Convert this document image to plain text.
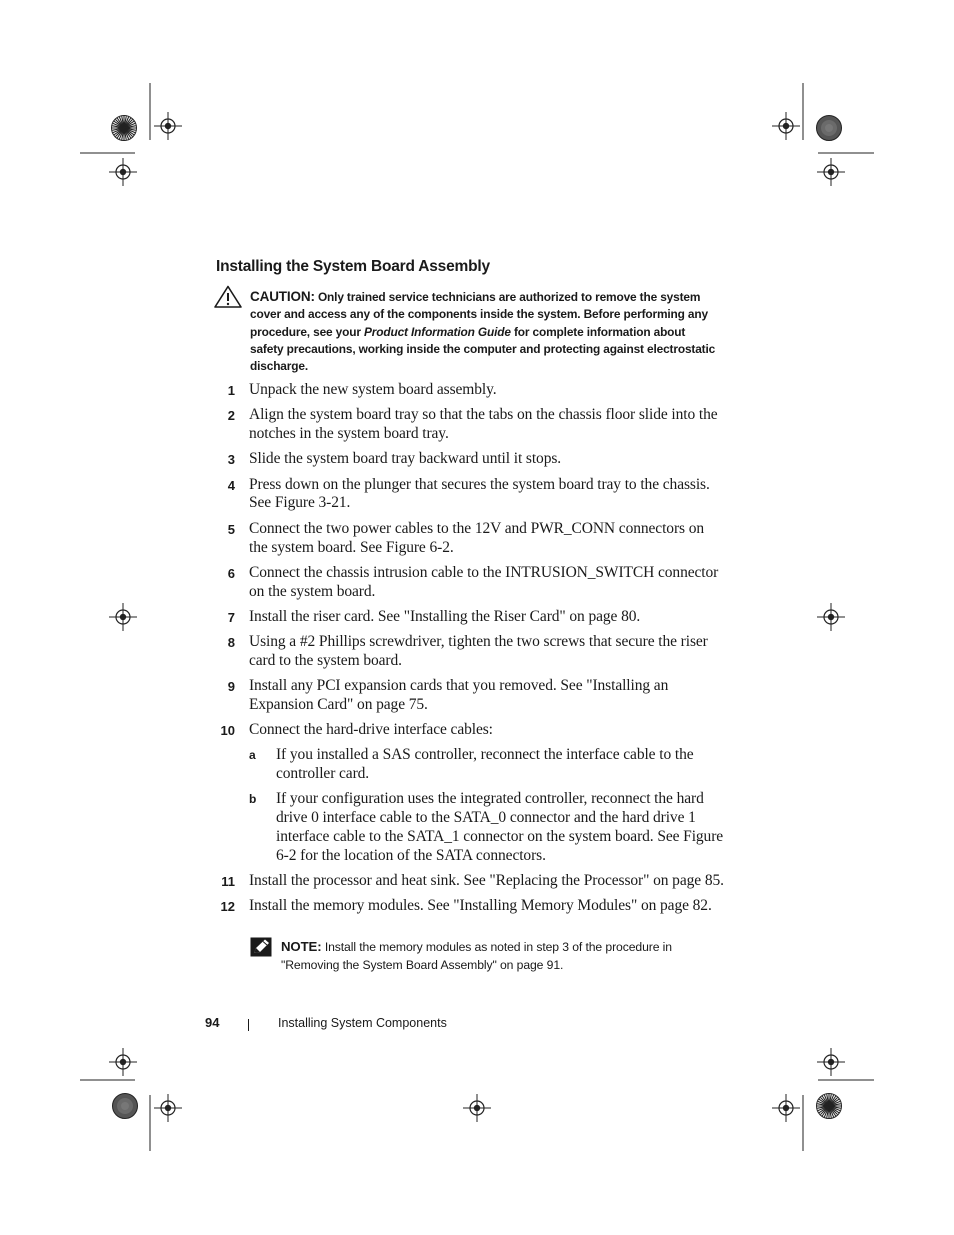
Installing the System Board Assembly
CAUTION: Only trained service technicians are authorized to remove the system cover and access any of the components inside the system. Before performing any procedure, see your Product Information Guide for complete information about safety precautions, working inside the computer and protecting against electrostatic discharge.
1 Unpack the new system board assembly.
2 Align the system board tray so that the tabs on the chassis floor slide into the notches in the system board tray.
3 Slide the system board tray backward until it stops.
4 Press down on the plunger that secures the system board tray to the chassis. See Figure 3-21.
5 Connect the two power cables to the 12V and PWR_CONN connectors on the system board. See Figure 6-2.
6 Connect the chassis intrusion cable to the INTRUSION_SWITCH connector on the system board.
7 Install the riser card. See "Installing the Riser Card" on page 80.
8 Using a #2 Phillips screwdriver, tighten the two screws that secure the riser card to the system board.
9 Install any PCI expansion cards that you removed. See "Installing an Expansion Card" on page 75.
10 Connect the hard-drive interface cables:
a If you installed a SAS controller, reconnect the interface cable to the controller card.
b If your configuration uses the integrated controller, reconnect the hard drive 0 interface cable to the SATA_0 connector and the hard drive 1 interface cable to the SATA_1 connector on the system board. See Figure 6-2 for the location of the SATA connectors.
11 Install the processor and heat sink. See "Replacing the Processor" on page 85.
12 Install the memory modules. See "Installing Memory Modules" on page 82.
NOTE: Install the memory modules as noted in step 3 of the procedure in "Removing the System Board Assembly" on page 91.
94	Installing System Components
